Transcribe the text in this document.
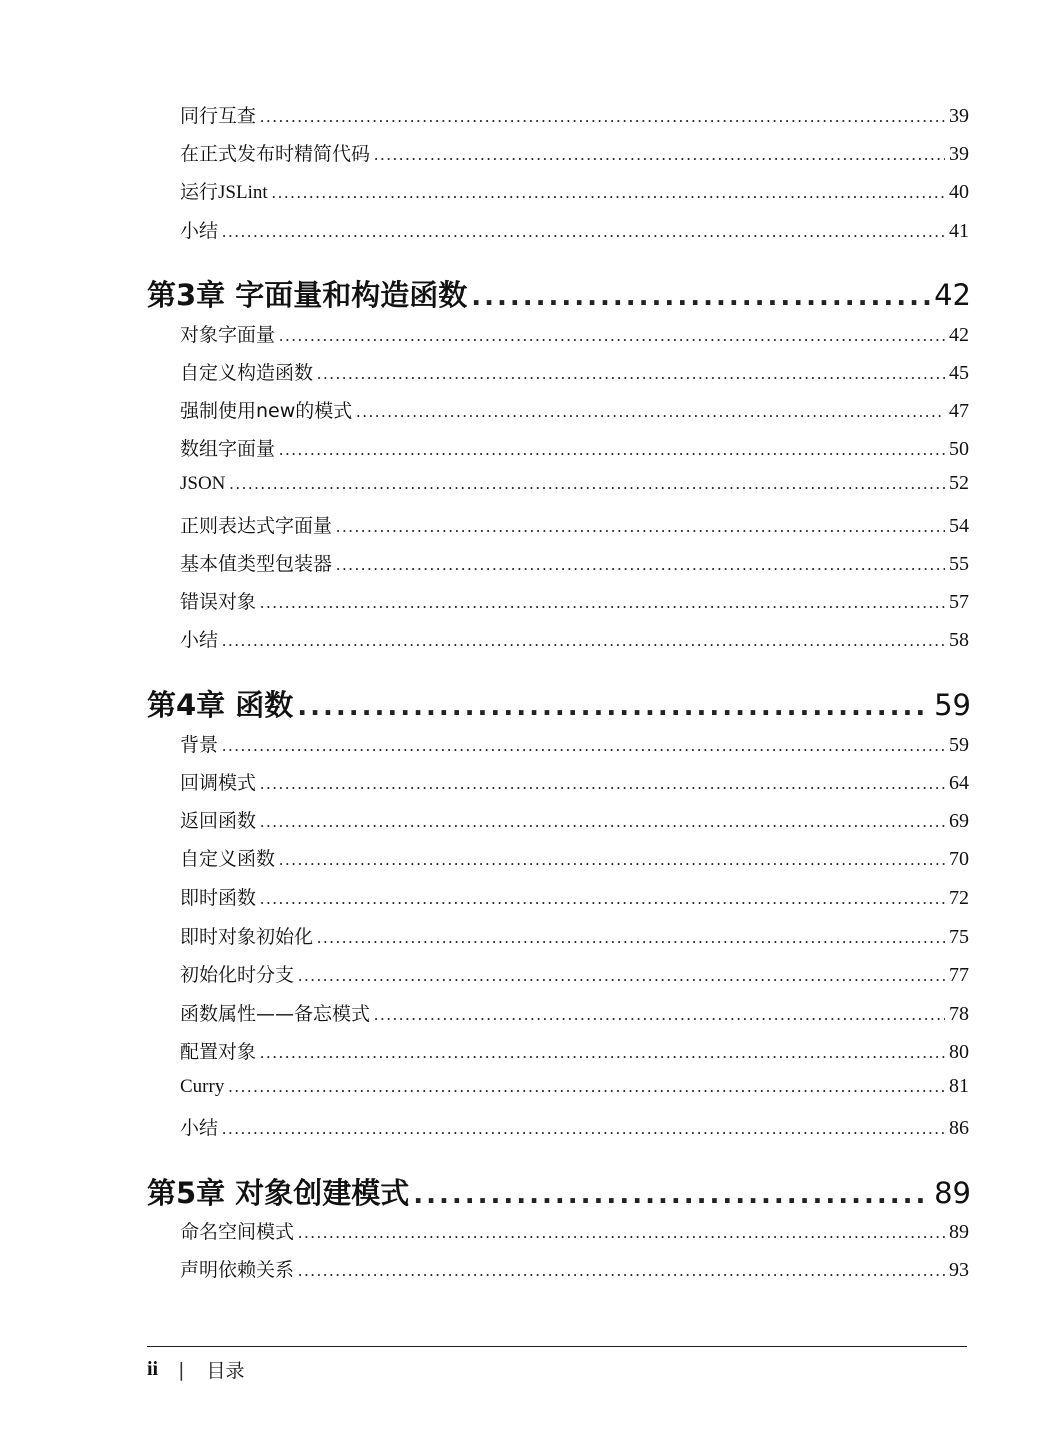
同行互查 .....	39
在正式发布时精简代码 .....	39
运行JSLint .....	40
小结 .....	41
第3章 字面量和构造函数 .....	42
对象字面量 .....	42
自定义构造函数 .....	45
强制使用new的模式 .....	47
数组字面量 .....	50
JSON .....	52
正则表达式字面量 .....	54
基本值类型包装器 .....	55
错误对象 .....	57
小结 .....	58
第4章 函数 .....	59
背景 .....	59
回调模式 .....	64
返回函数 .....	69
自定义函数 .....	70
即时函数 .....	72
即时对象初始化 .....	75
初始化时分支 .....	77
函数属性——备忘模式 .....	78
配置对象 .....	80
Curry .....	81
小结 .....	86
第5章 对象创建模式 .....	89
命名空间模式 .....	89
声明依赖关系 .....	93
ii | 目录
